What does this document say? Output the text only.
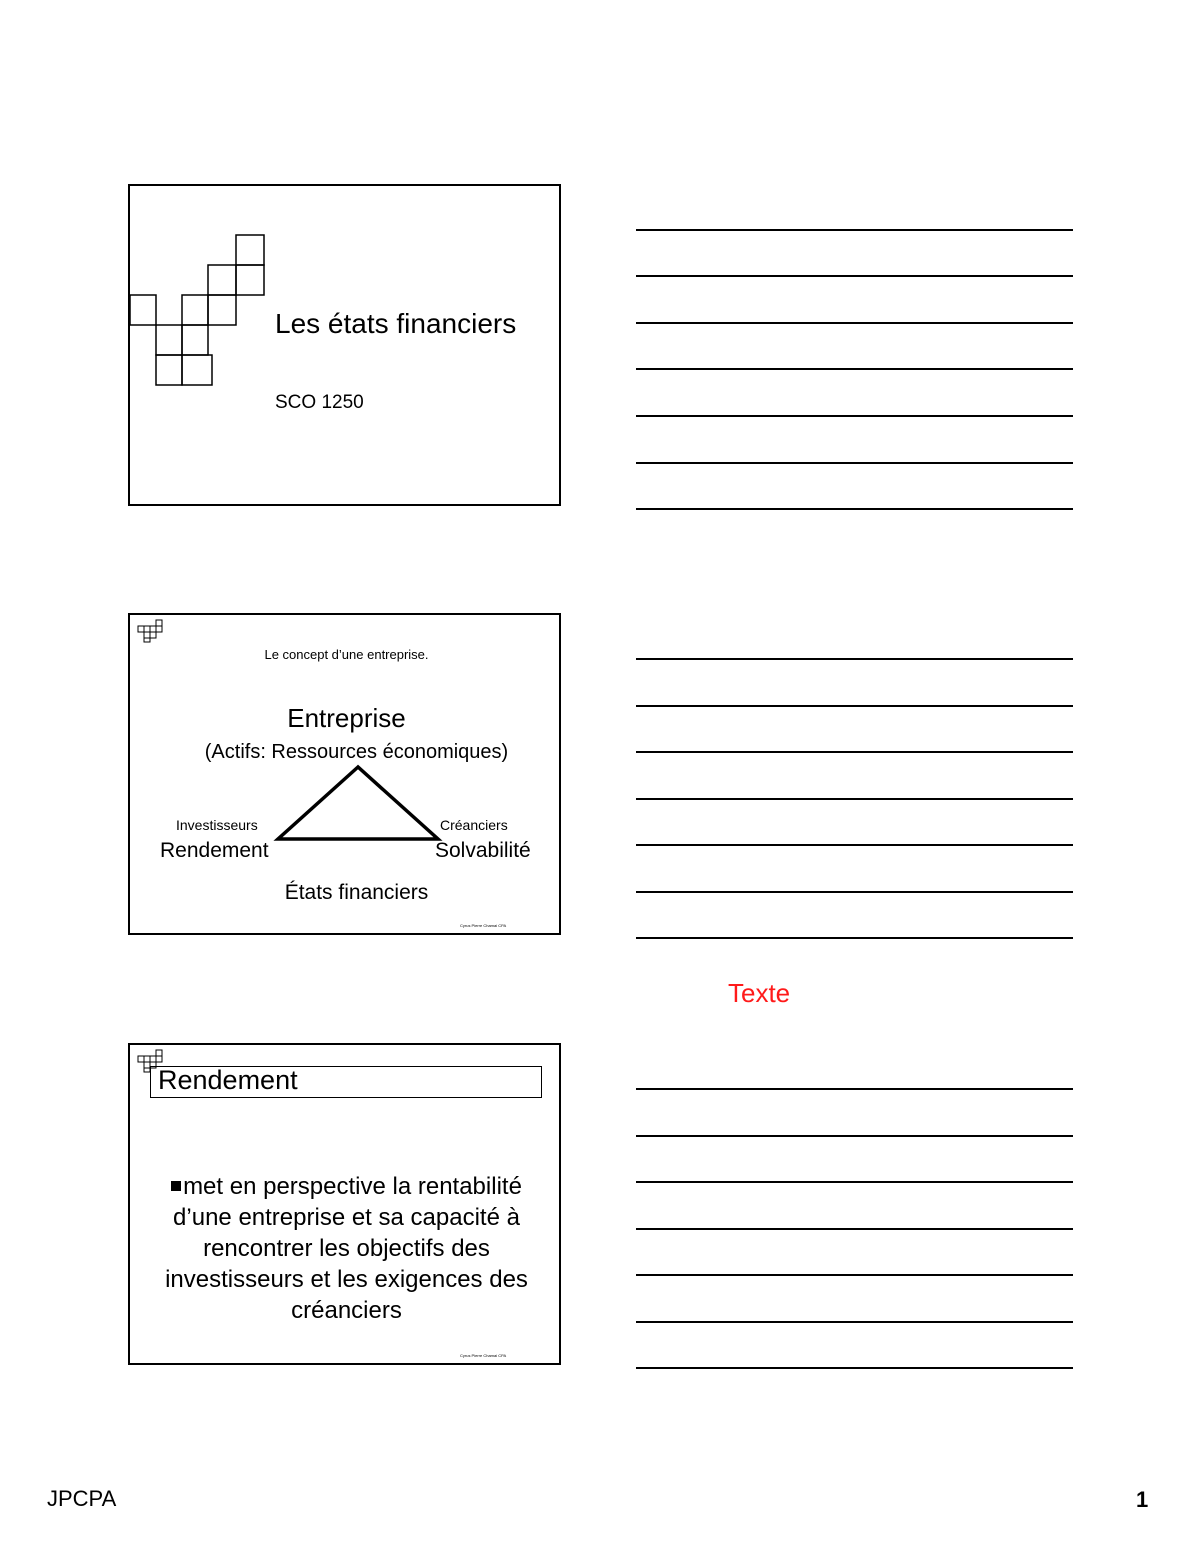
Les états financiers
SCO 1250
Le concept d’une entreprise.
Entreprise
(Actifs: Ressources économiques)
Investisseurs	Créanciers
Rendement	Solvabilité
États financiers
Cyrus Pierre Chamai CPA
Rendement
met en perspective la rentabilité d’une entreprise et sa capacité à rencontrer les objectifs des investisseurs et les exigences des créanciers
Cyrus Pierre Chamai CPA
Texte
JPCPA	1
